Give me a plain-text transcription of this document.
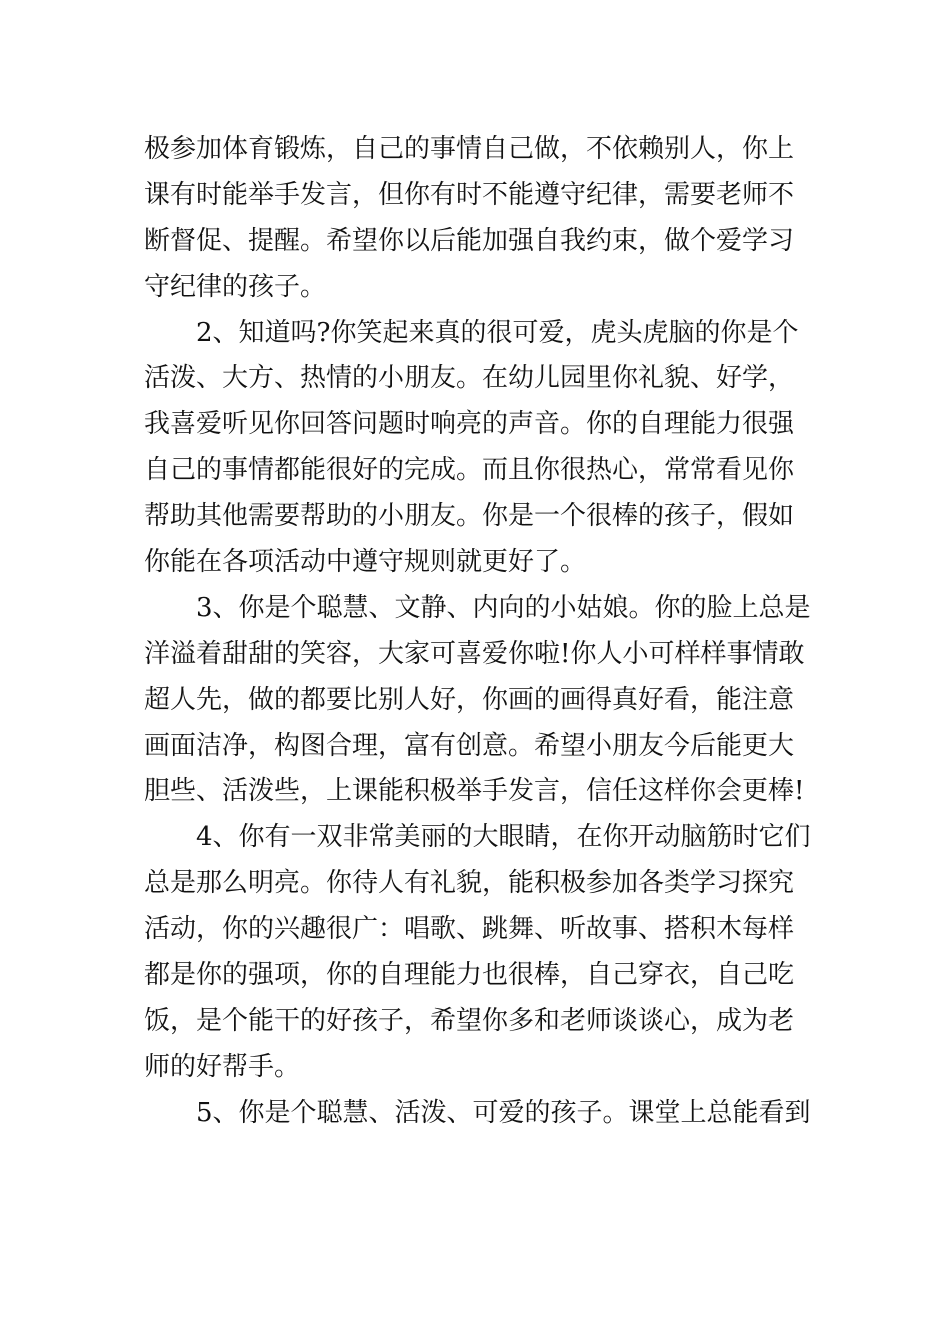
极参加体育锻炼，自己的事情自己做，不依赖别人，你上
课有时能举手发言，但你有时不能遵守纪律，需要老师不
断督促、提醒。希望你以后能加强自我约束，做个爱学习
守纪律的孩子。
2、知道吗?你笑起来真的很可爱，虎头虎脑的你是个
活泼、大方、热情的小朋友。在幼儿园里你礼貌、好学，
我喜爱听见你回答问题时响亮的声音。你的自理能力很强
自己的事情都能很好的完成。而且你很热心，常常看见你
帮助其他需要帮助的小朋友。你是一个很棒的孩子，假如
你能在各项活动中遵守规则就更好了。
3、你是个聪慧、文静、内向的小姑娘。你的脸上总是
洋溢着甜甜的笑容，大家可喜爱你啦!你人小可样样事情敢
超人先，做的都要比别人好，你画的画得真好看，能注意
画面洁净，构图合理，富有创意。希望小朋友今后能更大
胆些、活泼些，上课能积极举手发言，信任这样你会更棒!
4、你有一双非常美丽的大眼睛，在你开动脑筋时它们
总是那么明亮。你待人有礼貌，能积极参加各类学习探究
活动，你的兴趣很广：唱歌、跳舞、听故事、搭积木每样
都是你的强项，你的自理能力也很棒，自己穿衣，自己吃
饭，是个能干的好孩子，希望你多和老师谈谈心，成为老
师的好帮手。
5、你是个聪慧、活泼、可爱的孩子。课堂上总能看到
